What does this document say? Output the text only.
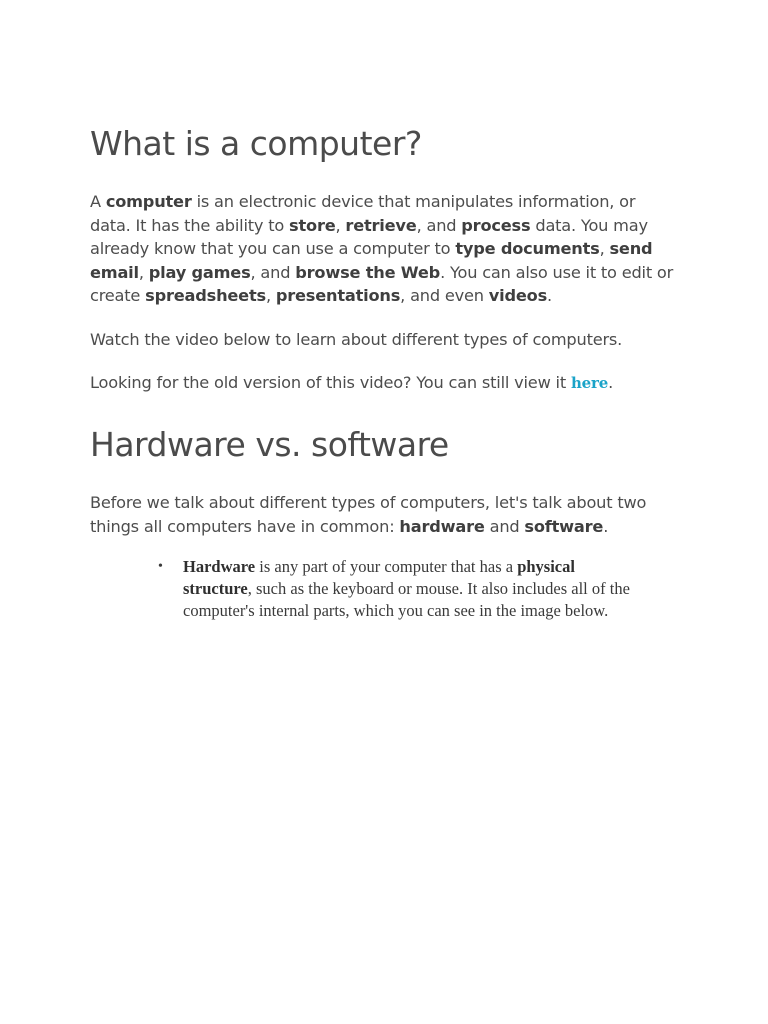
What is a computer?

A computer is an electronic device that manipulates information, or data. It has the ability to store, retrieve, and process data. You may already know that you can use a computer to type documents, send email, play games, and browse the Web. You can also use it to edit or create spreadsheets, presentations, and even videos.

Watch the video below to learn about different types of computers.

Looking for the old version of this video? You can still view it here.

Hardware vs. software

Before we talk about different types of computers, let's talk about two things all computers have in common: hardware and software.

• Hardware is any part of your computer that has a physical structure, such as the keyboard or mouse. It also includes all of the computer's internal parts, which you can see in the image below.
